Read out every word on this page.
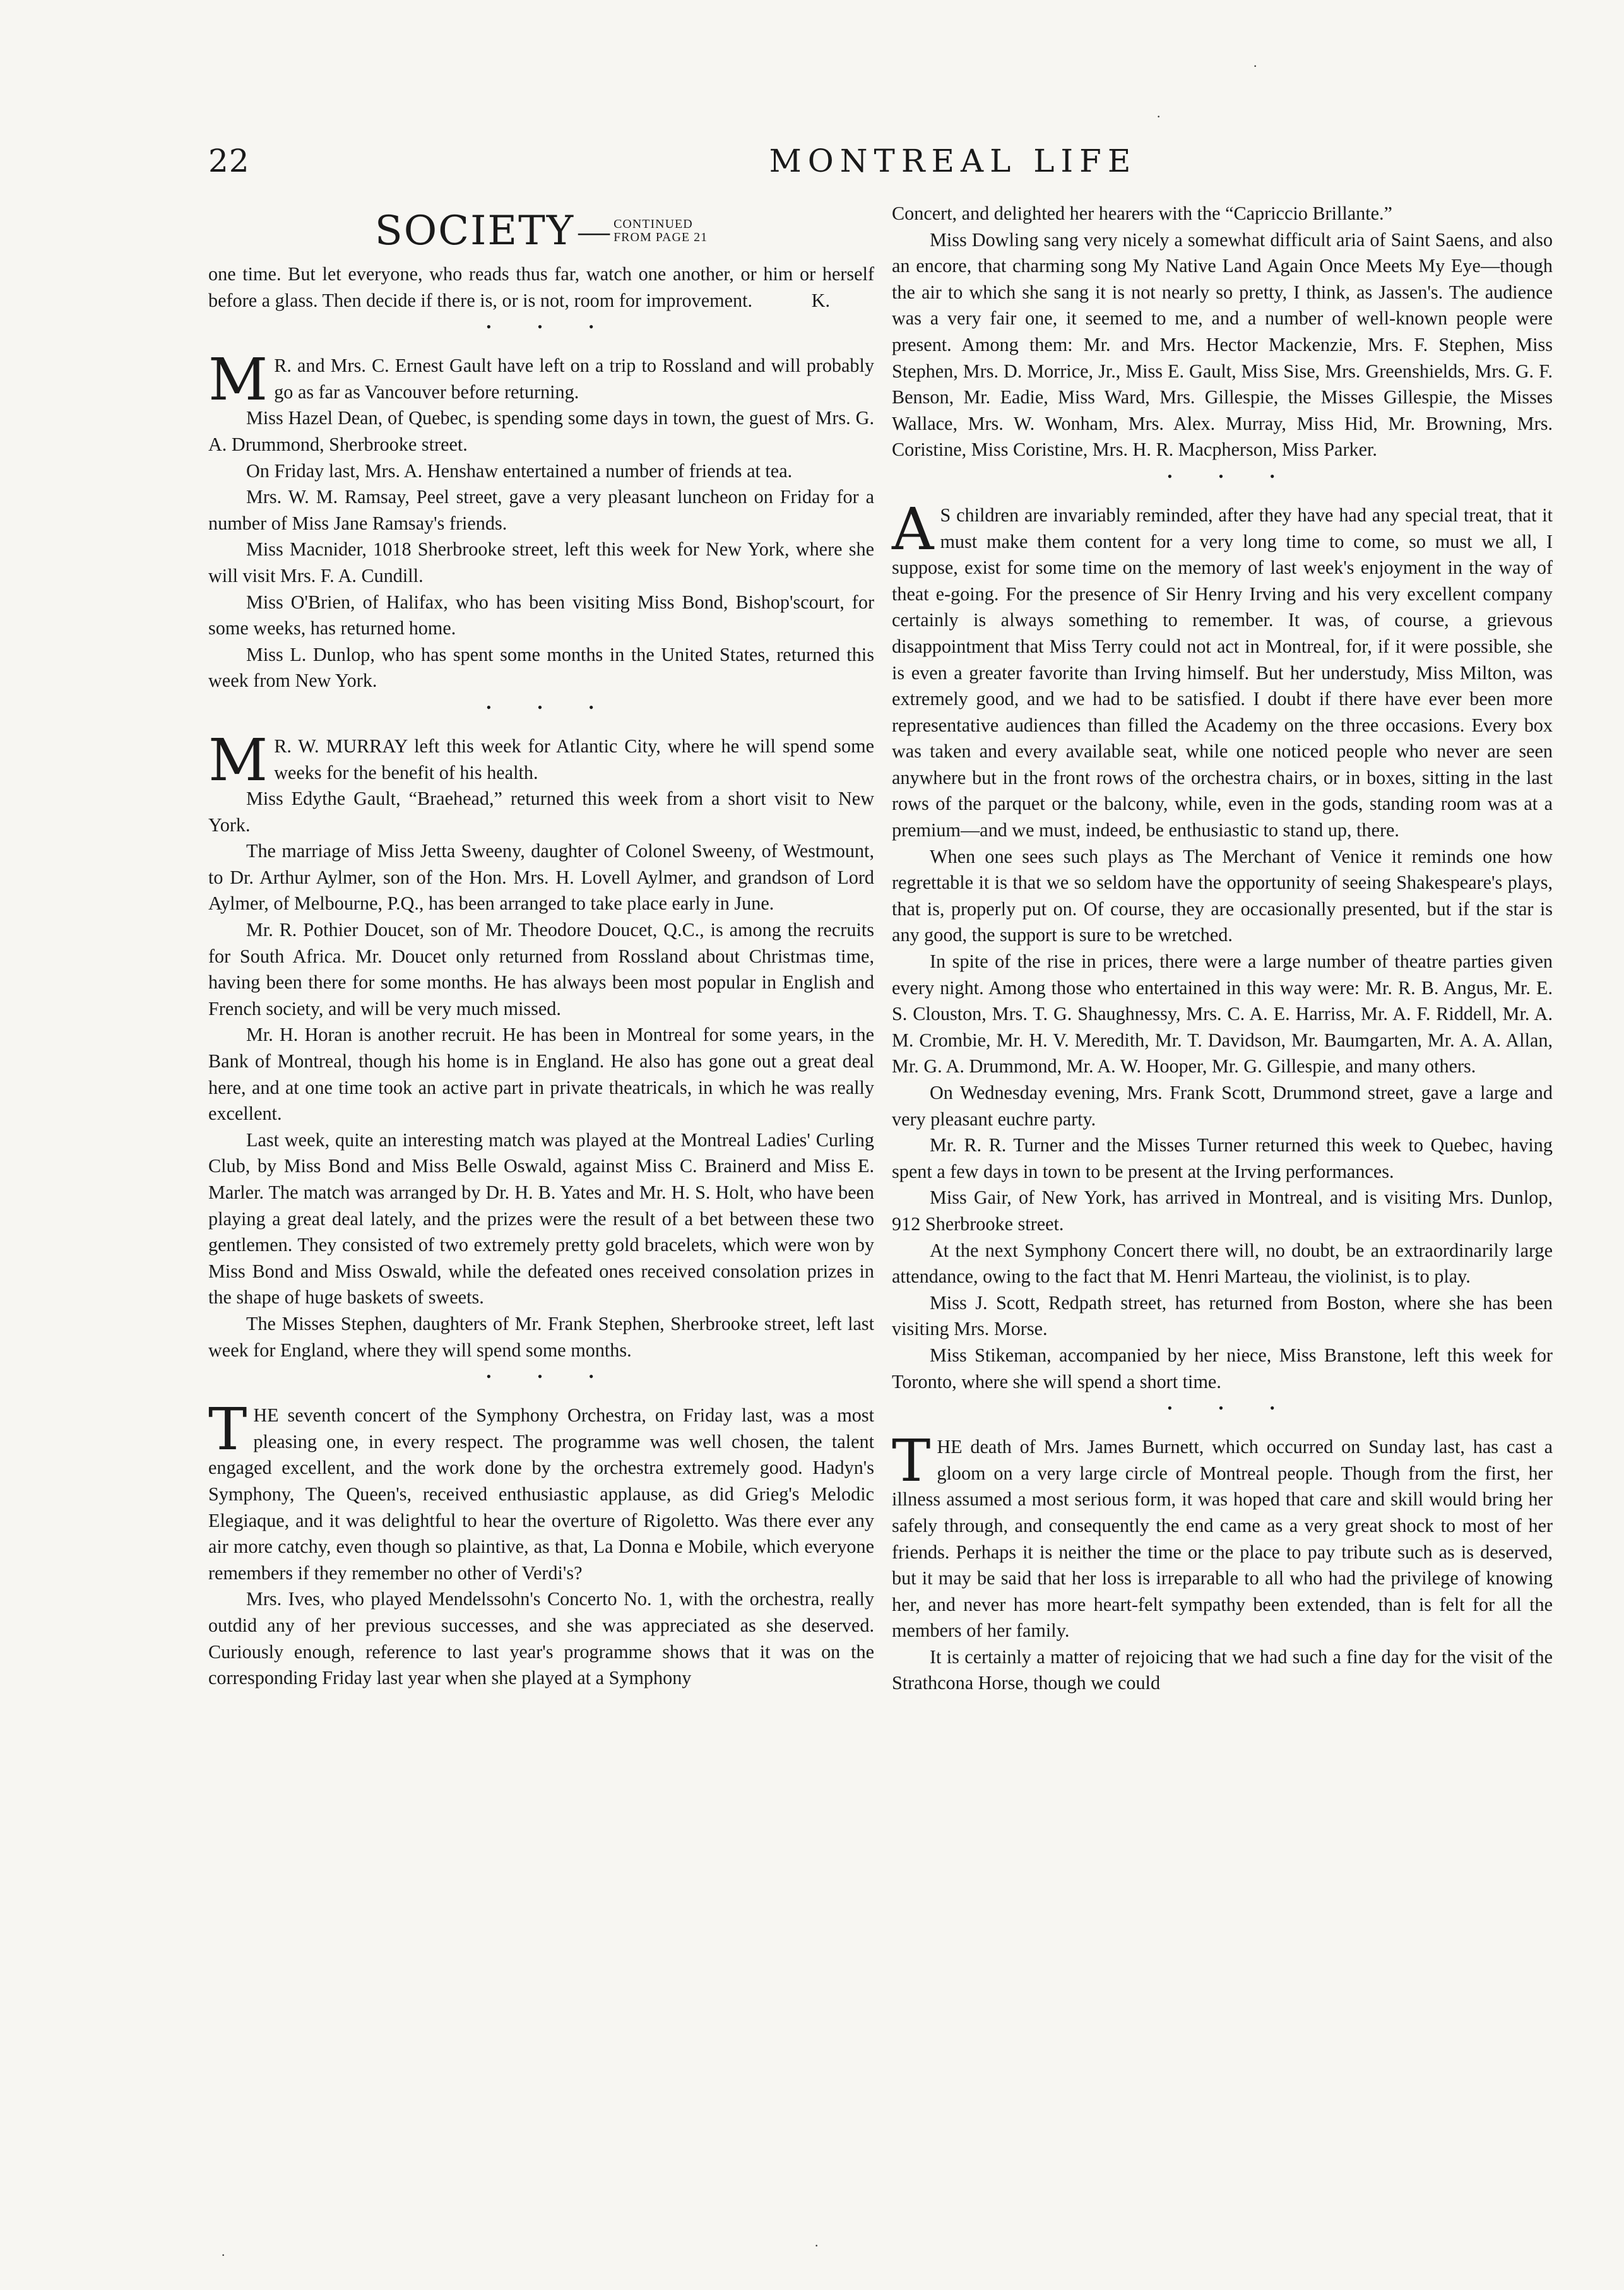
22	MONTREAL LIFE
SOCIETY — CONTINUED
FROM PAGE 21

one time. But let everyone, who reads thus far, watch one another, or him or herself before a glass. Then decide if there is, or is not, room for improvement.	K.

• • •

M R. and Mrs. C. Ernest Gault have left on a trip to Rossland and will probably go as far as Vancouver before returning.

Miss Hazel Dean, of Quebec, is spending some days in town, the guest of Mrs. G. A. Drummond, Sherbrooke street.

On Friday last, Mrs. A. Henshaw entertained a number of friends at tea.

Mrs. W. M. Ramsay, Peel street, gave a very pleasant luncheon on Friday for a number of Miss Jane Ramsay's friends.

Miss Macnider, 1018 Sherbrooke street, left this week for New York, where she will visit Mrs. F. A. Cundill.

Miss O'Brien, of Halifax, who has been visiting Miss Bond, Bishop'scourt, for some weeks, has returned home.

Miss L. Dunlop, who has spent some months in the United States, returned this week from New York.

• • •

M R. W. MURRAY left this week for Atlantic City, where he will spend some weeks for the benefit of his health.

Miss Edythe Gault, “Braehead,” returned this week from a short visit to New York.

The marriage of Miss Jetta Sweeny, daughter of Colonel Sweeny, of Westmount, to Dr. Arthur Aylmer, son of the Hon. Mrs. H. Lovell Aylmer, and grandson of Lord Aylmer, of Melbourne, P.Q., has been arranged to take place early in June.

Mr. R. Pothier Doucet, son of Mr. Theodore Doucet, Q.C., is among the recruits for South Africa. Mr. Doucet only returned from Rossland about Christmas time, having been there for some months. He has always been most popular in English and French society, and will be very much missed.

Mr. H. Horan is another recruit. He has been in Montreal for some years, in the Bank of Montreal, though his home is in England. He also has gone out a great deal here, and at one time took an active part in private theatricals, in which he was really excellent.

Last week, quite an interesting match was played at the Montreal Ladies' Curling Club, by Miss Bond and Miss Belle Oswald, against Miss C. Brainerd and Miss E. Marler. The match was arranged by Dr. H. B. Yates and Mr. H. S. Holt, who have been playing a great deal lately, and the prizes were the result of a bet between these two gentlemen. They consisted of two extremely pretty gold bracelets, which were won by Miss Bond and Miss Oswald, while the defeated ones received consolation prizes in the shape of huge baskets of sweets.

The Misses Stephen, daughters of Mr. Frank Stephen, Sherbrooke street, left last week for England, where they will spend some months.

• • •

THE seventh concert of the Symphony Orchestra, on Friday last, was a most pleasing one, in every respect. The programme was well chosen, the talent engaged excellent, and the work done by the orchestra extremely good. Hadyn's Symphony, The Queen's, received enthusiastic applause, as did Grieg's Melodic Elegiaque, and it was delightful to hear the overture of Rigoletto. Was there ever any air more catchy, even though so plaintive, as that, La Donna e Mobile, which everyone remembers if they remember no other of Verdi's?

Mrs. Ives, who played Mendelssohn's Concerto No. 1, with the orchestra, really outdid any of her previous successes, and she was appreciated as she deserved. Curiously enough, reference to last year's programme shows that it was on the corresponding Friday last year when she played at a Symphony

Concert, and delighted her hearers with the “Capriccio Brillante.”

Miss Dowling sang very nicely a somewhat difficult aria of Saint Saens, and also an encore, that charming song My Native Land Again Once Meets My Eye—though the air to which she sang it is not nearly so pretty, I think, as Jassen's. The audience was a very fair one, it seemed to me, and a number of well-known people were present. Among them: Mr. and Mrs. Hector Mackenzie, Mrs. F. Stephen, Miss Stephen, Mrs. D. Morrice, Jr., Miss E. Gault, Miss Sise, Mrs. Greenshields, Mrs. G. F. Benson, Mr. Eadie, Miss Ward, Mrs. Gillespie, the Misses Gillespie, the Misses Wallace, Mrs. W. Wonham, Mrs. Alex. Murray, Miss Hid, Mr. Browning, Mrs. Coristine, Miss Coristine, Mrs. H. R. Macpherson, Miss Parker.

• • •

A S children are invariably reminded, after they have had any special treat, that it must make them content for a very long time to come, so must we all, I suppose, exist for some time on the memory of last week's enjoyment in the way of theat e-going. For the presence of Sir Henry Irving and his very excellent company certainly is always something to remember. It was, of course, a grievous disappointment that Miss Terry could not act in Montreal, for, if it were possible, she is even a greater favorite than Irving himself. But her understudy, Miss Milton, was extremely good, and we had to be satisfied. I doubt if there have ever been more representative audiences than filled the Academy on the three occasions. Every box was taken and every available seat, while one noticed people who never are seen anywhere but in the front rows of the orchestra chairs, or in boxes, sitting in the last rows of the parquet or the balcony, while, even in the gods, standing room was at a premium—and we must, indeed, be enthusiastic to stand up, there.

When one sees such plays as The Merchant of Venice it reminds one how regrettable it is that we so seldom have the opportunity of seeing Shakespeare's plays, that is, properly put on. Of course, they are occasionally presented, but if the star is any good, the support is sure to be wretched.

In spite of the rise in prices, there were a large number of theatre parties given every night. Among those who entertained in this way were: Mr. R. B. Angus, Mr. E. S. Clouston, Mrs. T. G. Shaughnessy, Mrs. C. A. E. Harriss, Mr. A. F. Riddell, Mr. A. M. Crombie, Mr. H. V. Meredith, Mr. T. Davidson, Mr. Baumgarten, Mr. A. A. Allan, Mr. G. A. Drummond, Mr. A. W. Hooper, Mr. G. Gillespie, and many others.

On Wednesday evening, Mrs. Frank Scott, Drummond street, gave a large and very pleasant euchre party.

Mr. R. R. Turner and the Misses Turner returned this week to Quebec, having spent a few days in town to be present at the Irving performances.

Miss Gair, of New York, has arrived in Montreal, and is visiting Mrs. Dunlop, 912 Sherbrooke street.

At the next Symphony Concert there will, no doubt, be an extraordinarily large attendance, owing to the fact that M. Henri Marteau, the violinist, is to play.

Miss J. Scott, Redpath street, has returned from Boston, where she has been visiting Mrs. Morse.

Miss Stikeman, accompanied by her niece, Miss Branstone, left this week for Toronto, where she will spend a short time.

• • •

THE death of Mrs. James Burnett, which occurred on Sunday last, has cast a gloom on a very large circle of Montreal people. Though from the first, her illness assumed a most serious form, it was hoped that care and skill would bring her safely through, and consequently the end came as a very great shock to most of her friends. Perhaps it is neither the time or the place to pay tribute such as is deserved, but it may be said that her loss is irreparable to all who had the privilege of knowing her, and never has more heart-felt sympathy been extended, than is felt for all the members of her family.

It is certainly a matter of rejoicing that we had such a fine day for the visit of the Strathcona Horse, though we could

·
·
·
·
